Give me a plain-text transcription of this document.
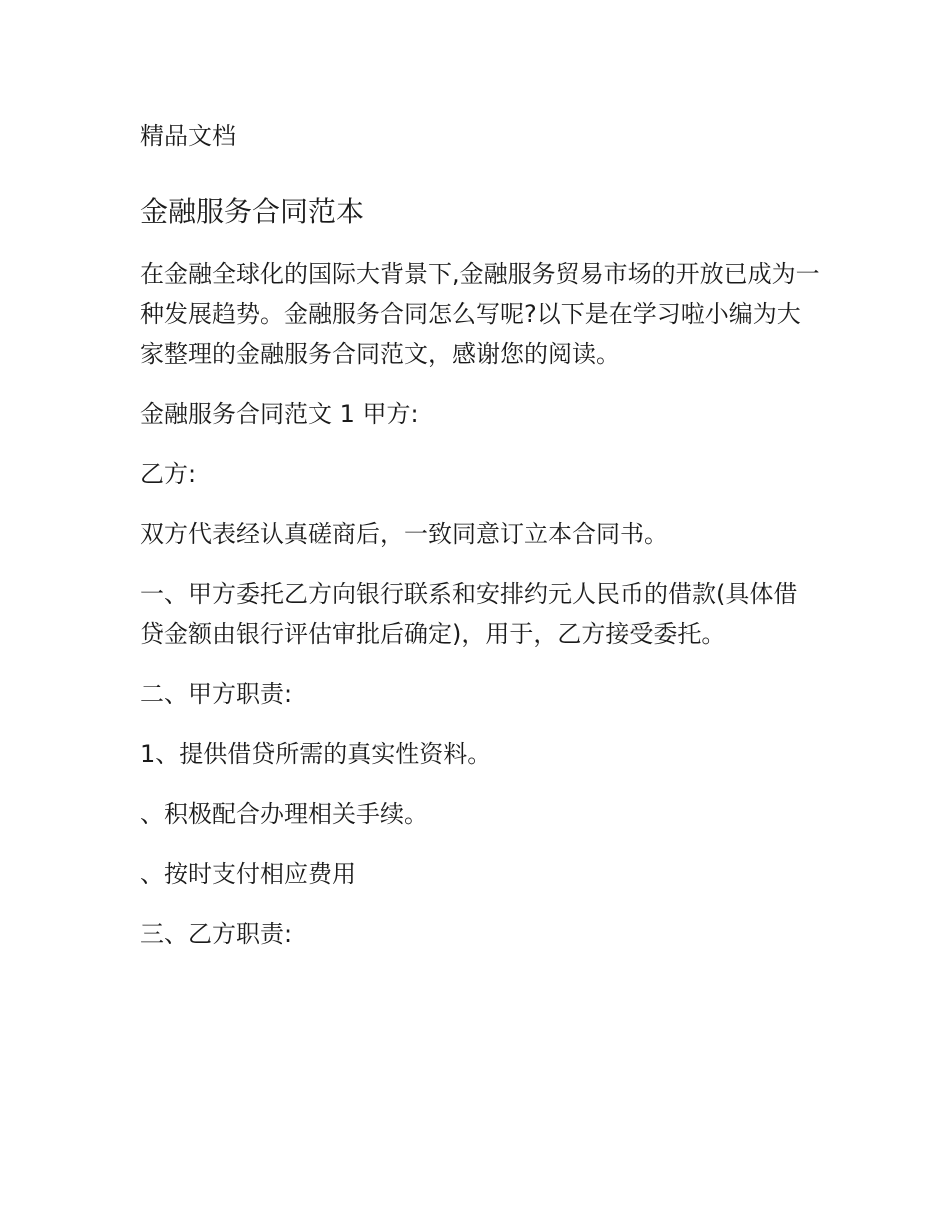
精品文档
金融服务合同范本

在金融全球化的国际大背景下,金融服务贸易市场的开放已成为一种发展趋势。金融服务合同怎么写呢?以下是在学习啦小编为大家整理的金融服务合同范文，感谢您的阅读。

金融服务合同范文 1 甲方:

乙方:

双方代表经认真磋商后，一致同意订立本合同书。

一、甲方委托乙方向银行联系和安排约元人民币的借款(具体借贷金额由银行评估审批后确定)，用于，乙方接受委托。

二、甲方职责:

1、提供借贷所需的真实性资料。

、积极配合办理相关手续。

、按时支付相应费用

三、乙方职责:
